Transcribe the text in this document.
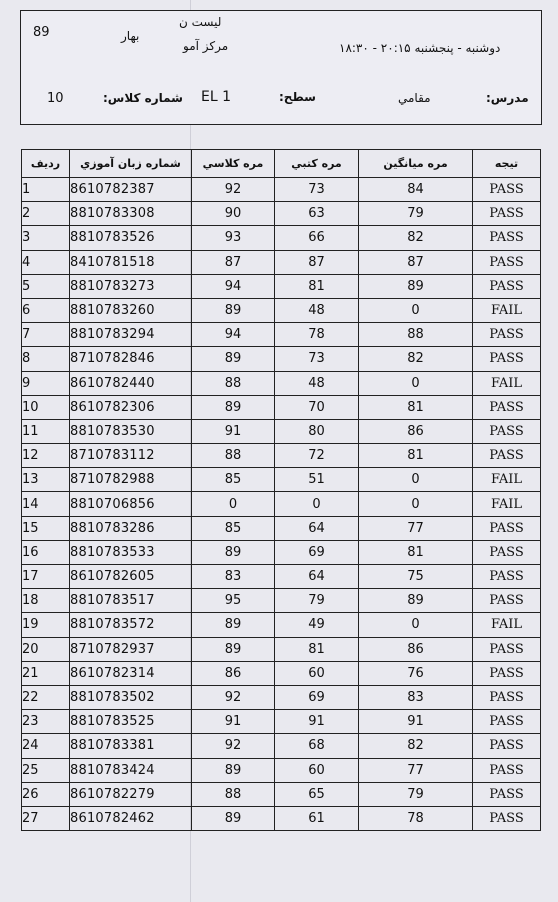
89	بهار
لیست ن
مرکز آمو	دوشنبه - پنجشنبه ۲۰:۱۵ - ۱۸:۳۰
مدرس:
مقامي
سطح:
EL 1
شماره کلاس:
10
ردیف	شماره زبان آموزي	مره کلاسي	مره کتبي	مره میانگین	تيجه
1	8610782387	92	73	84	PASS
2	8810783308	90	63	79	PASS
3	8810783526	93	66	82	PASS
4	8410781518	87	87	87	PASS
5	8810783273	94	81	89	PASS
6	8810783260	89	48	0	FAIL
7	8810783294	94	78	88	PASS
8	8710782846	89	73	82	PASS
9	8610782440	88	48	0	FAIL
10	8610782306	89	70	81	PASS
11	8810783530	91	80	86	PASS
12	8710783112	88	72	81	PASS
13	8710782988	85	51	0	FAIL
14	8810706856	0	0	0	FAIL
15	8810783286	85	64	77	PASS
16	8810783533	89	69	81	PASS
17	8610782605	83	64	75	PASS
18	8810783517	95	79	89	PASS
19	8810783572	89	49	0	FAIL
20	8710782937	89	81	86	PASS
21	8610782314	86	60	76	PASS
22	8810783502	92	69	83	PASS
23	8810783525	91	91	91	PASS
24	8810783381	92	68	82	PASS
25	8810783424	89	60	77	PASS
26	8610782279	88	65	79	PASS
27	8610782462	89	61	78	PASS
